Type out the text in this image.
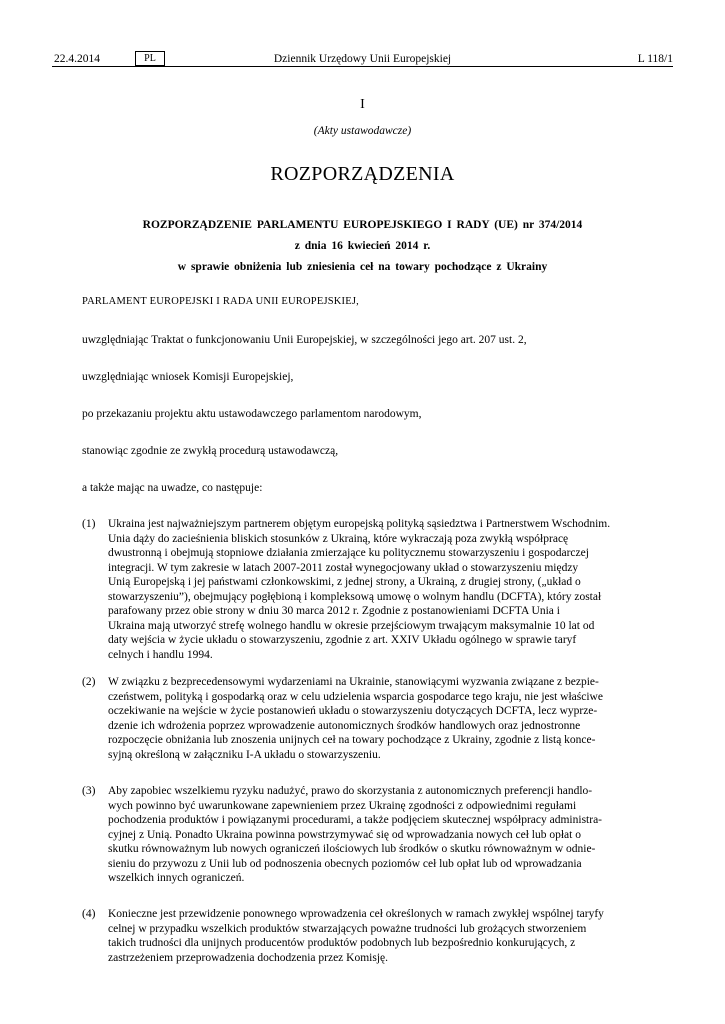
22.4.2014	PL	Dziennik Urzędowy Unii Europejskiej	L 118/1
I
(Akty ustawodawcze)
ROZPORZĄDZENIA
ROZPORZĄDZENIE PARLAMENTU EUROPEJSKIEGO I RADY (UE) nr 374/2014
z dnia 16 kwiecień 2014 r.
w sprawie obniżenia lub zniesienia ceł na towary pochodzące z Ukrainy
PARLAMENT EUROPEJSKI I RADA UNII EUROPEJSKIEJ,
uwzględniając Traktat o funkcjonowaniu Unii Europejskiej, w szczególności jego art. 207 ust. 2,
uwzględniając wniosek Komisji Europejskiej,
po przekazaniu projektu aktu ustawodawczego parlamentom narodowym,
stanowiąc zgodnie ze zwykłą procedurą ustawodawczą,
a także mając na uwadze, co następuje:
(1) Ukraina jest najważniejszym partnerem objętym europejską polityką sąsiedztwa i Partnerstwem Wschodnim.
Unia dąży do zacieśnienia bliskich stosunków z Ukrainą, które wykraczają poza zwykłą współpracę
dwustronną i obejmują stopniowe działania zmierzające ku politycznemu stowarzyszeniu i gospodarczej
integracji. W tym zakresie w latach 2007-2011 został wynegocjowany układ o stowarzyszeniu między
Unią Europejską i jej państwami członkowskimi, z jednej strony, a Ukrainą, z drugiej strony, („układ o
stowarzyszeniu”), obejmujący pogłębioną i kompleksową umowę o wolnym handlu (DCFTA), który został
parafowany przez obie strony w dniu 30 marca 2012 r. Zgodnie z postanowieniami DCFTA Unia i
Ukraina mają utworzyć strefę wolnego handlu w okresie przejściowym trwającym maksymalnie 10 lat od
daty wejścia w życie układu o stowarzyszeniu, zgodnie z art. XXIV Układu ogólnego w sprawie taryf
celnych i handlu 1994.
(2) W związku z bezprecedensowymi wydarzeniami na Ukrainie, stanowiącymi wyzwania związane z bezpie-
czeństwem, polityką i gospodarką oraz w celu udzielenia wsparcia gospodarce tego kraju, nie jest właściwe
oczekiwanie na wejście w życie postanowień układu o stowarzyszeniu dotyczących DCFTA, lecz wyprze-
dzenie ich wdrożenia poprzez wprowadzenie autonomicznych środków handlowych oraz jednostronne
rozpoczęcie obniżania lub znoszenia unijnych ceł na towary pochodzące z Ukrainy, zgodnie z listą konce-
syjną określoną w załączniku I-A układu o stowarzyszeniu.
(3) Aby zapobiec wszelkiemu ryzyku nadużyć, prawo do skorzystania z autonomicznych preferencji handlo-
wych powinno być uwarunkowane zapewnieniem przez Ukrainę zgodności z odpowiednimi regułami
pochodzenia produktów i powiązanymi procedurami, a także podjęciem skutecznej współpracy administra-
cyjnej z Unią. Ponadto Ukraina powinna powstrzymywać się od wprowadzania nowych ceł lub opłat o
skutku równoważnym lub nowych ograniczeń ilościowych lub środków o skutku równoważnym w odnie-
sieniu do przywozu z Unii lub od podnoszenia obecnych poziomów ceł lub opłat lub od wprowadzania
wszelkich innych ograniczeń.
(4) Konieczne jest przewidzenie ponownego wprowadzenia ceł określonych w ramach zwykłej wspólnej taryfy
celnej w przypadku wszelkich produktów stwarzających poważne trudności lub grożących stworzeniem
takich trudności dla unijnych producentów produktów podobnych lub bezpośrednio konkurujących, z
zastrzeżeniem przeprowadzenia dochodzenia przez Komisję.
